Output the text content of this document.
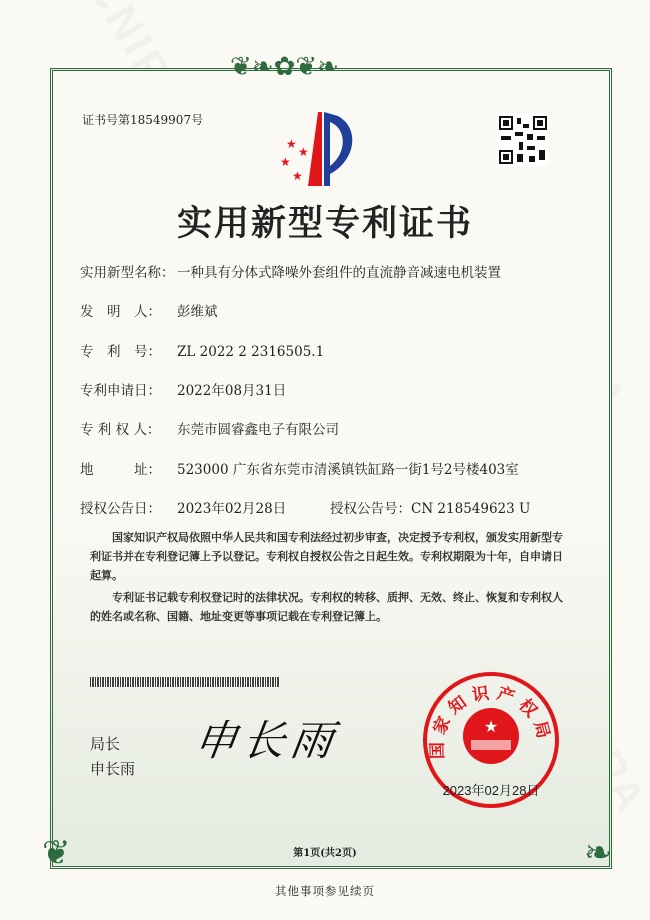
❦❧✿❦❧
❦	❧
证书号第18549907号
★
★
★
★
实用新型专利证书
实用新型名称： 一种具有分体式降噪外套组件的直流静音减速电机装置
发　明　人： 彭维斌
专　利　号： ZL 2022 2 2316505.1
专利申请日： 2022年08月31日
专 利 权 人： 东莞市圆睿鑫电子有限公司
地　　　址： 523000 广东省东莞市清溪镇铁缸路一街1号2号楼403室
授权公告日： 2023年02月28日	授权公告号：CN 218549623 U
国家知识产权局依照中华人民共和国专利法经过初步审查，决定授予专利权，颁发实用新型专利证书并在专利登记簿上予以登记。专利权自授权公告之日起生效。专利权期限为十年，自申请日起算。
专利证书记载专利权登记时的法律状况。专利权的转移、质押、无效、终止、恢复和专利权人的姓名或名称、国籍、地址变更等事项记载在专利登记簿上。
局长
申长雨
申长雨	国家知识产权局
★
2023年02月28日
第1页(共2页)
其他事项参见续页
